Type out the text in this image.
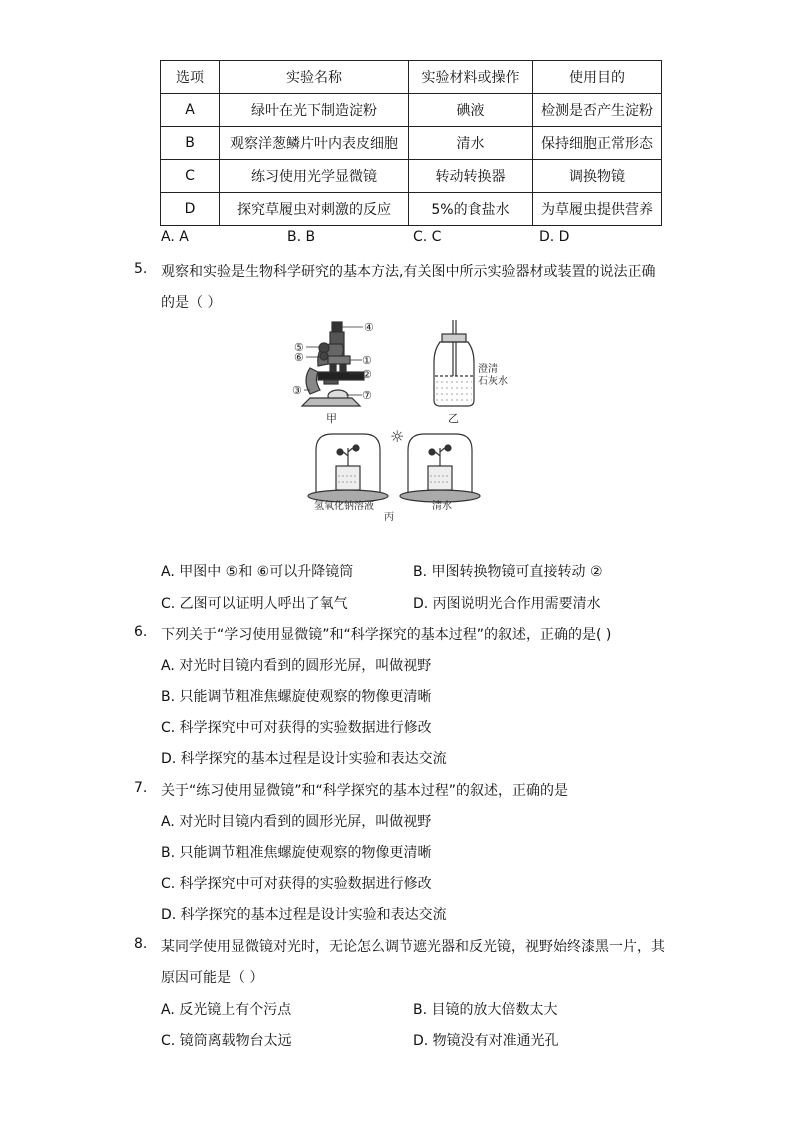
选项	实验名称	实验材料或操作	使用目的
A	绿叶在光下制造淀粉	碘液	检测是否产生淀粉
B	观察洋葱鳞片叶内表皮细胞	清水	保持细胞正常形态
C	练习使用光学显微镜	转动转换器	调换物镜
D	探究草履虫对刺激的反应	5%的食盐水	为草履虫提供营养
A. A	B. B	C. C	D. D
5. 观察和实验是生物科学研究的基本方法,有关图中所示实验器材或装置的说法正确
的是（ ）
④
⑤
⑥	①
②
③	⑦
甲
澄清
石灰水
乙
☼
氢氧化钠溶液	清水
丙
A. 甲图中 ⑤和 ⑥可以升降镜筒	B. 甲图转换物镜可直接转动 ②
C. 乙图可以证明人呼出了氧气	D. 丙图说明光合作用需要清水
6. 下列关于“学习使用显微镜”和“科学探究的基本过程”的叙述，正确的是( )
A. 对光时目镜内看到的圆形光屏，叫做视野
B. 只能调节粗准焦螺旋使观察的物像更清晰
C. 科学探究中可对获得的实验数据进行修改
D. 科学探究的基本过程是设计实验和表达交流
7. 关于“练习使用显微镜”和“科学探究的基本过程”的叙述，正确的是
A. 对光时目镜内看到的圆形光屏，叫做视野
B. 只能调节粗准焦螺旋使观察的物像更清晰
C. 科学探究中可对获得的实验数据进行修改
D. 科学探究的基本过程是设计实验和表达交流
8. 某同学使用显微镜对光时，无论怎么调节遮光器和反光镜，视野始终漆黑一片，其
原因可能是（ ）
A. 反光镜上有个污点	B. 目镜的放大倍数太大
C. 镜筒离载物台太远	D. 物镜没有对准通光孔
